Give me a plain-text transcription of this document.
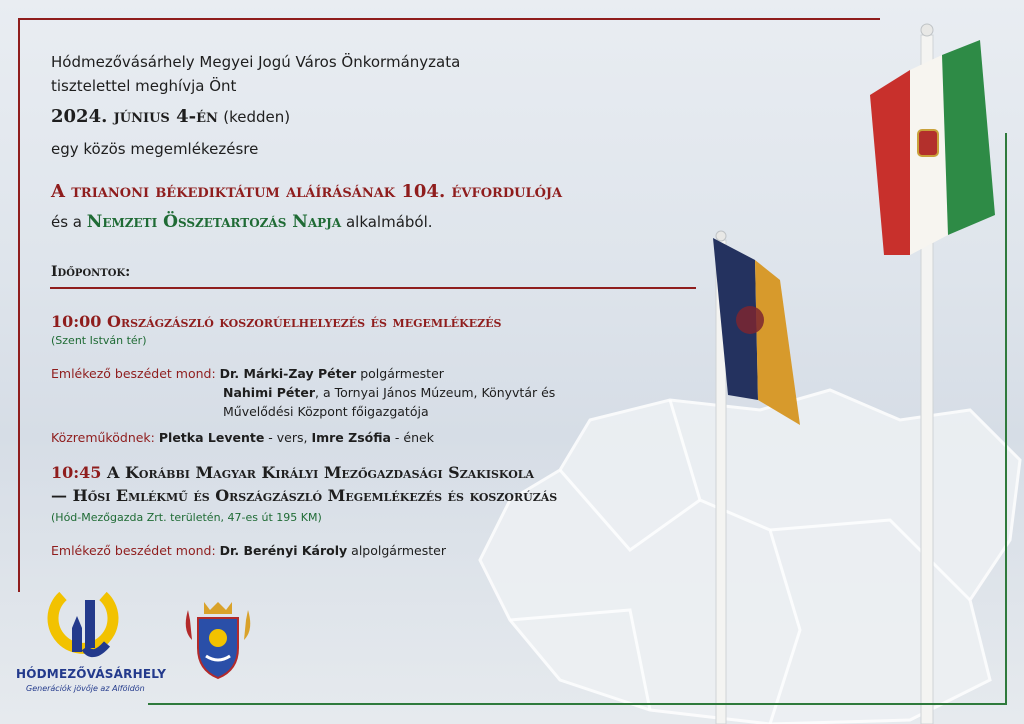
Hódmezővásárhely Megyei Jogú Város Önkormányzata
tisztelettel meghívja Önt
2024. június 4-én (kedden)
egy közös megemlékezésre
A trianoni békediktátum aláírásának 104. évfordulója
és a Nemzeti Összetartozás Napja alkalmából.
Időpontok:
10:00 Országzászló koszorúelhelyezés és megemlékezés
(Szent István tér)
Emlékező beszédet mond: Dr. Márki-Zay Péter polgármester
Nahimi Péter, a Tornyai János Múzeum, Könyvtár és
Művelődési Központ főigazgatója
Közreműködnek: Pletka Levente - vers, Imre Zsófia - ének
10:45 A Korábbi Magyar Királyi Mezőgazdasági Szakiskola
— Hősi Emlékmű és Országzászló Megemlékezés és koszorúzás
(Hód-Mezőgazda Zrt. területén, 47-es út 195 KM)
Emlékező beszédet mond: Dr. Berényi Károly alpolgármester
HÓDMEZŐVÁSÁRHELY
Generációk jövője az Alföldön
